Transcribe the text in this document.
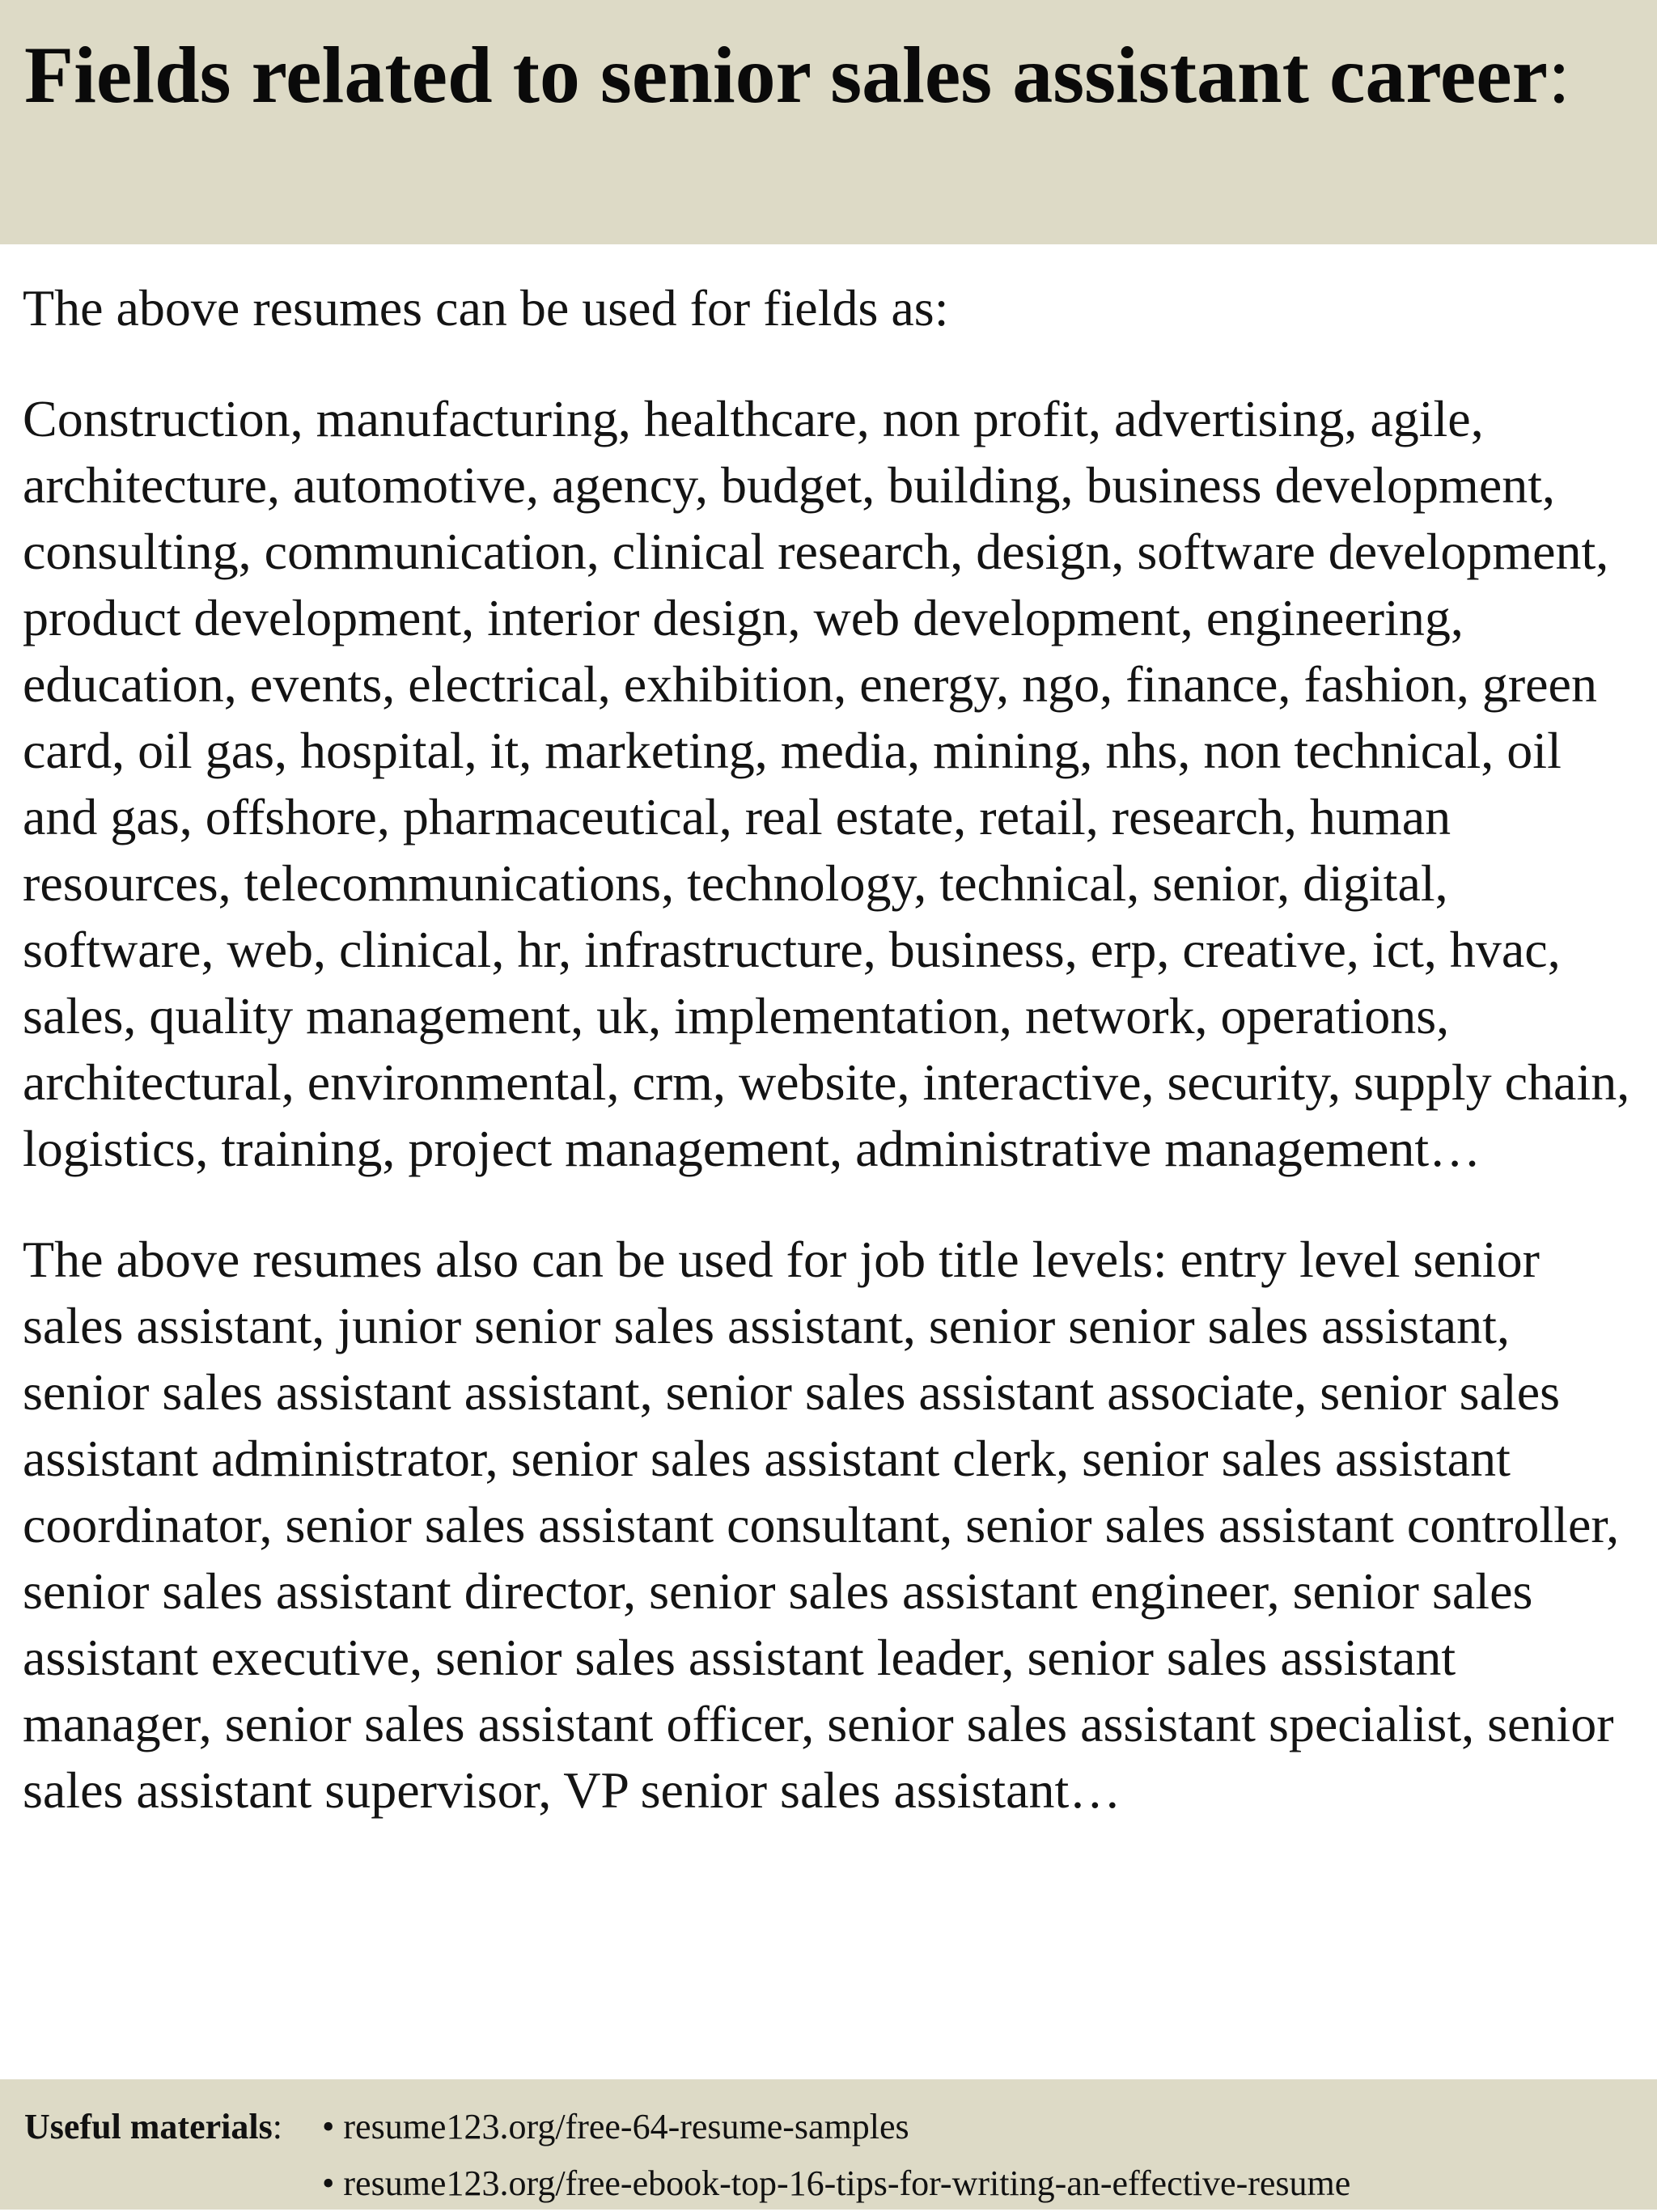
Fields related to senior sales assistant career:

The above resumes can be used for fields as:

Construction, manufacturing, healthcare, non profit, advertising, agile, architecture, automotive, agency, budget, building, business development, consulting, communication, clinical research, design, software development, product development, interior design, web development, engineering, education, events, electrical, exhibition, energy, ngo, finance, fashion, green card, oil gas, hospital, it, marketing, media, mining, nhs, non technical, oil and gas, offshore, pharmaceutical, real estate, retail, research, human resources, telecommunications, technology, technical, senior, digital, software, web, clinical, hr, infrastructure, business, erp, creative, ict, hvac, sales, quality management, uk, implementation, network, operations, architectural, environmental, crm, website, interactive, security, supply chain, logistics, training, project management, administrative management…

The above resumes also can be used for job title levels: entry level senior sales assistant, junior senior sales assistant, senior senior sales assistant, senior sales assistant assistant, senior sales assistant associate, senior sales assistant administrator, senior sales assistant clerk, senior sales assistant coordinator, senior sales assistant consultant, senior sales assistant controller, senior sales assistant director, senior sales assistant engineer, senior sales assistant executive, senior sales assistant leader, senior sales assistant manager, senior sales assistant officer, senior sales assistant specialist, senior sales assistant supervisor, VP senior sales assistant…

Useful materials:	•
resume123.org/free-64-resume-samples
•
resume123.org/free-ebook-top-16-tips-for-writing-an-effective-resume
